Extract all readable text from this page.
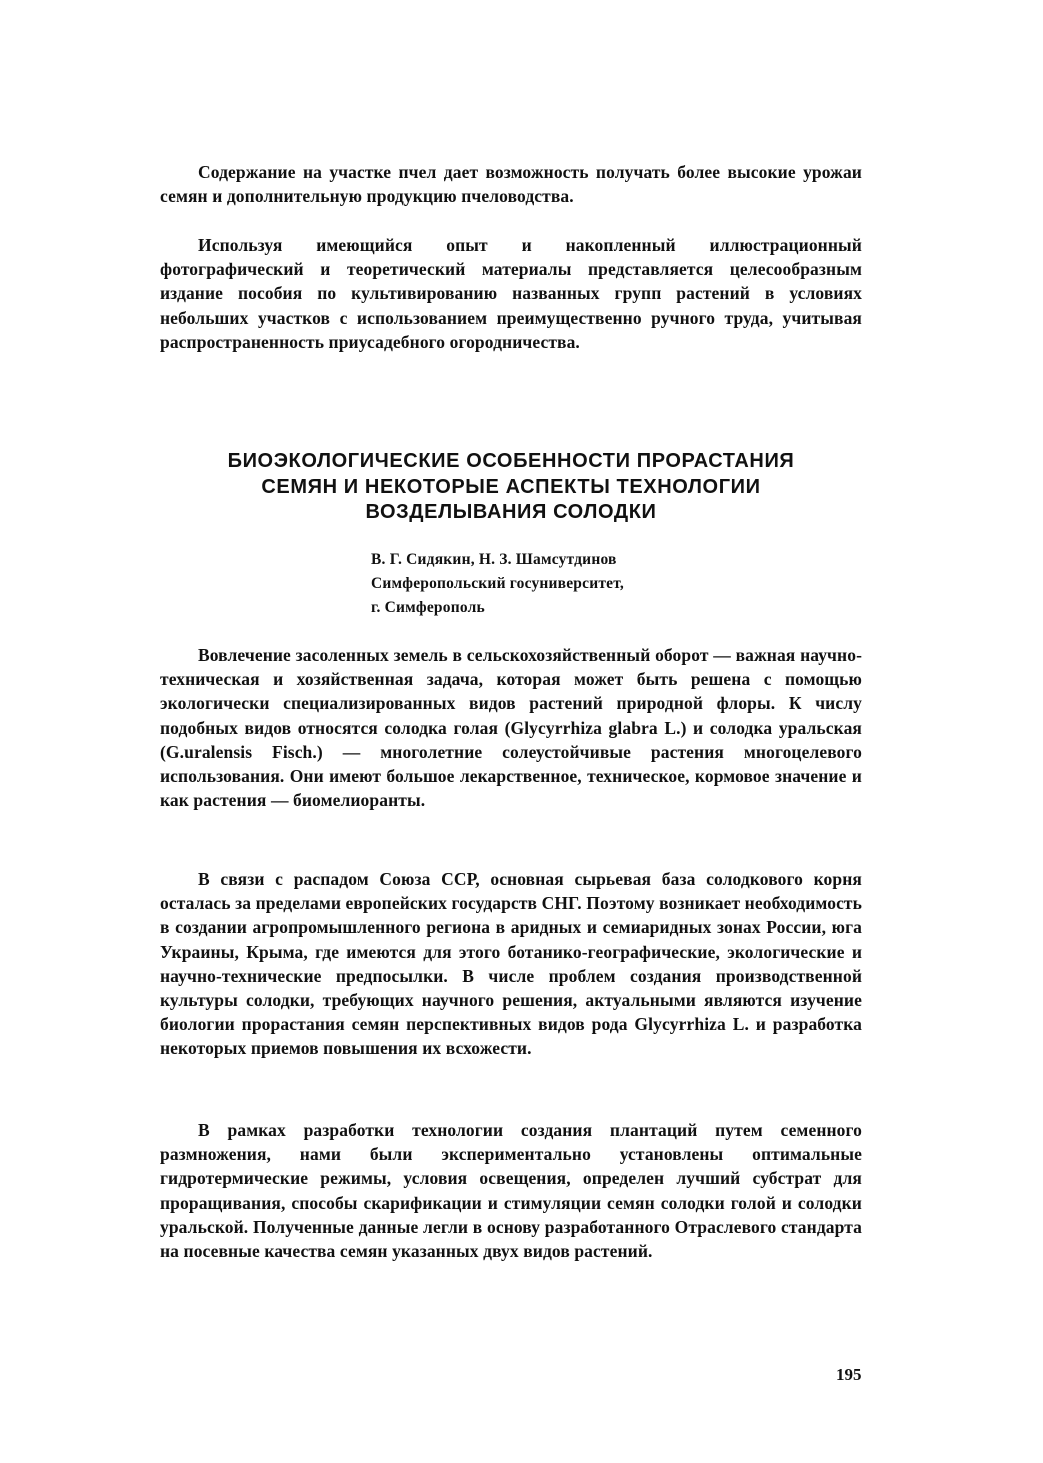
Содержание на участке пчел дает возможность получать более высокие урожаи семян и дополнительную продукцию пчеловодства.

Используя имеющийся опыт и накопленный иллюстрационный фотографический и теоретический материалы представляется целесообразным издание пособия по культивированию названных групп растений в условиях небольших участков с использованием преимущественно ручного труда, учитывая распространенность приусадебного огородничества.

БИОЭКОЛОГИЧЕСКИЕ ОСОБЕННОСТИ ПРОРАСТАНИЯ
СЕМЯН И НЕКОТОРЫЕ АСПЕКТЫ ТЕХНОЛОГИИ
ВОЗДЕЛЫВАНИЯ СОЛОДКИ
В. Г. Сидякин, Н. З. Шамсутдинов
Симферопольский госуниверситет,
г. Симферополь

Вовлечение засоленных земель в сельскохозяйственный оборот — важная научно-техническая и хозяйственная задача, которая может быть решена с помощью экологически специализированных видов растений природной флоры. К числу подобных видов относятся солодка голая (Glycyrrhiza glabra L.) и солодка уральская (G.uralensis Fisch.) — многолетние солеустойчивые растения многоцелевого использования. Они имеют большое лекарственное, техническое, кормовое значение и как растения — биомелиоранты.

В связи с распадом Союза ССР, основная сырьевая база солодкового корня осталась за пределами европейских государств СНГ. Поэтому возникает необходимость в создании агропромышленного региона в аридных и семиаридных зонах России, юга Украины, Крыма, где имеются для этого ботанико-географические, экологические и научно-технические предпосылки. В числе проблем создания производственной культуры солодки, требующих научного решения, актуальными являются изучение биологии прорастания семян перспективных видов рода Glycyrrhiza L. и разработка некоторых приемов повышения их всхожести.

В рамках разработки технологии создания плантаций путем семенного размножения, нами были экспериментально установлены оптимальные гидротермические режимы, условия освещения, определен лучший субстрат для проращивания, способы скарификации и стимуляции семян солодки голой и солодки уральской. Полученные данные легли в основу разработанного Отраслевого стандарта на посевные качества семян указанных двух видов растений.

195
